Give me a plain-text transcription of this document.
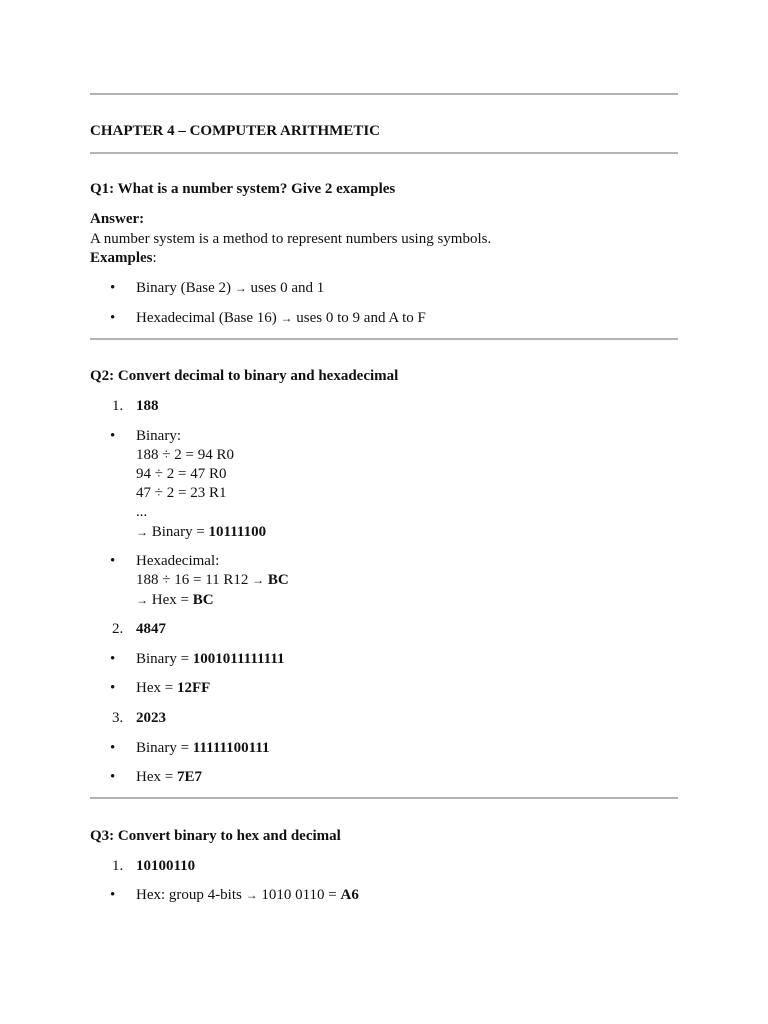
CHAPTER 4 – COMPUTER ARITHMETIC
Q1: What is a number system? Give 2 examples
Answer:
A number system is a method to represent numbers using symbols.
Examples:
• Binary (Base 2) → uses 0 and 1
• Hexadecimal (Base 16) → uses 0 to 9 and A to F
Q2: Convert decimal to binary and hexadecimal
1. 188
• Binary:
188 ÷ 2 = 94 R0
94 ÷ 2 = 47 R0
47 ÷ 2 = 23 R1
...
→ Binary = 10111100
• Hexadecimal:
188 ÷ 16 = 11 R12 → BC
→ Hex = BC
2. 4847
• Binary = 1001011111111
• Hex = 12FF
3. 2023
• Binary = 11111100111
• Hex = 7E7
Q3: Convert binary to hex and decimal
1. 10100110
• Hex: group 4-bits → 1010 0110 = A6
